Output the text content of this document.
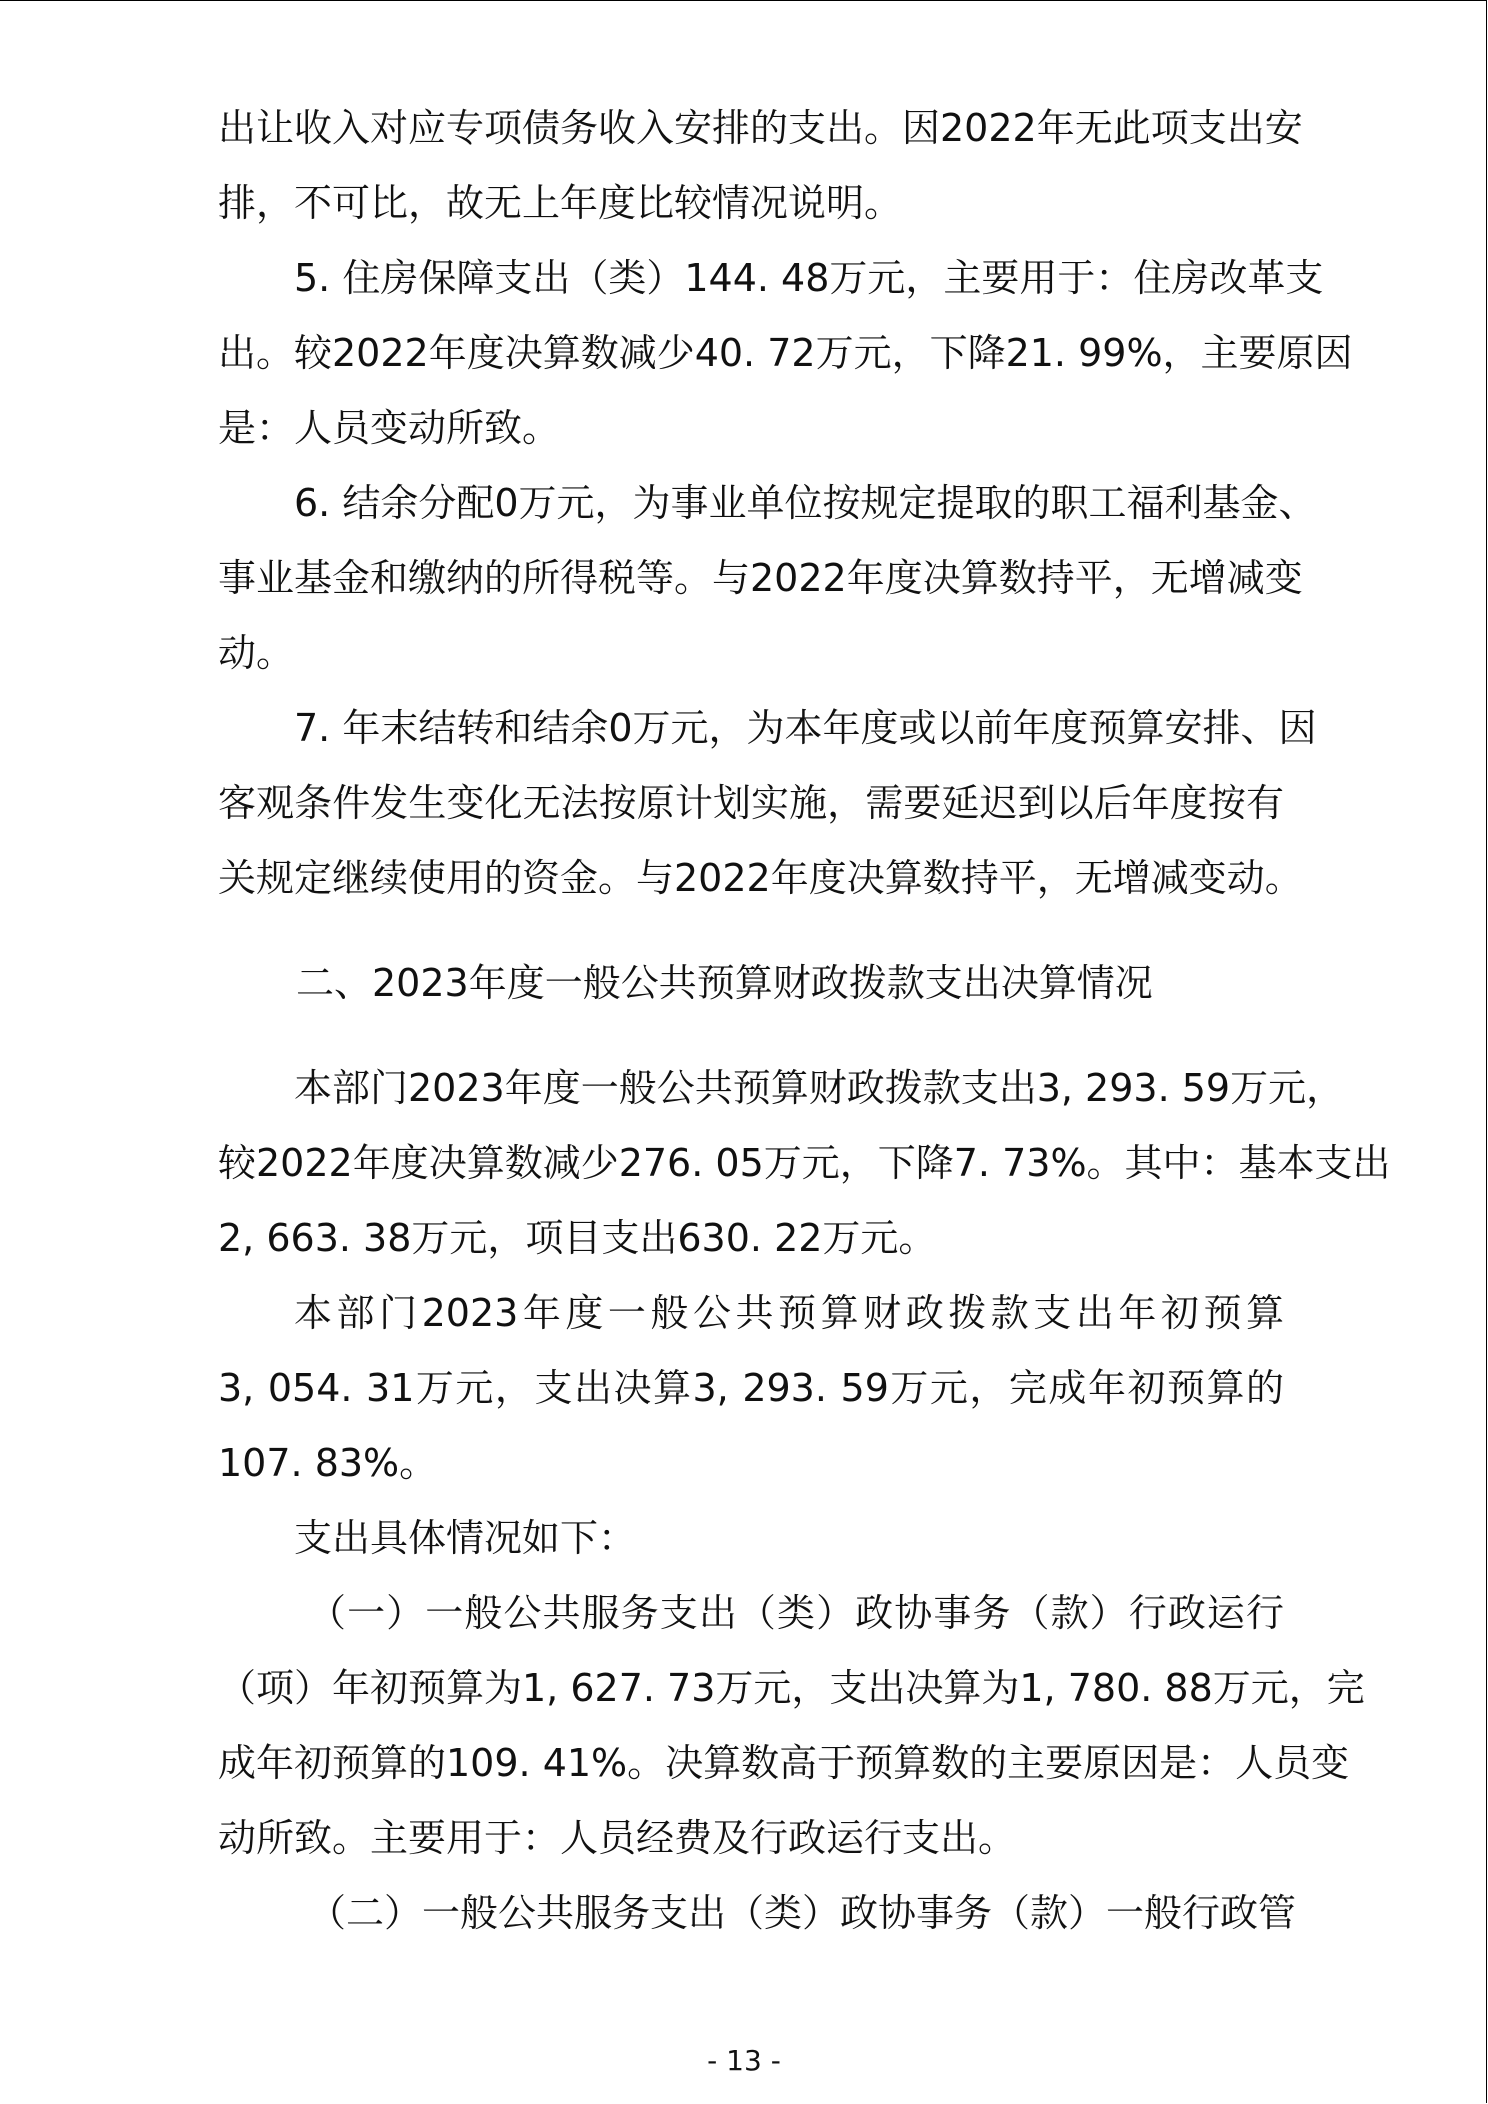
出让收入对应专项债务收入安排的支出。因2022年无此项支出安
排，不可比，故无上年度比较情况说明。
5. 住房保障支出（类）144. 48万元，主要用于：住房改革支
出。较2022年度决算数减少40. 72万元，下降21. 99%，主要原因
是：人员变动所致。
6. 结余分配0万元，为事业单位按规定提取的职工福利基金、
事业基金和缴纳的所得税等。与2022年度决算数持平，无增减变
动。
7. 年末结转和结余0万元，为本年度或以前年度预算安排、因
客观条件发生变化无法按原计划实施，需要延迟到以后年度按有
关规定继续使用的资金。与2022年度决算数持平，无增减变动。
二、2023年度一般公共预算财政拨款支出决算情况
本部门2023年度一般公共预算财政拨款支出3, 293. 59万元，
较2022年度决算数减少276. 05万元，下降7. 73%。其中：基本支出
2, 663. 38万元，项目支出630. 22万元。
本部门2023年度一般公共预算财政拨款支出年初预算
3, 054. 31万元，支出决算3, 293. 59万元，完成年初预算的
107. 83%。
支出具体情况如下：
（一）一般公共服务支出（类）政协事务（款）行政运行
（项）年初预算为1, 627. 73万元，支出决算为1, 780. 88万元，完
成年初预算的109. 41%。决算数高于预算数的主要原因是：人员变
动所致。主要用于：人员经费及行政运行支出。
（二）一般公共服务支出（类）政协事务（款）一般行政管
- 13 -
